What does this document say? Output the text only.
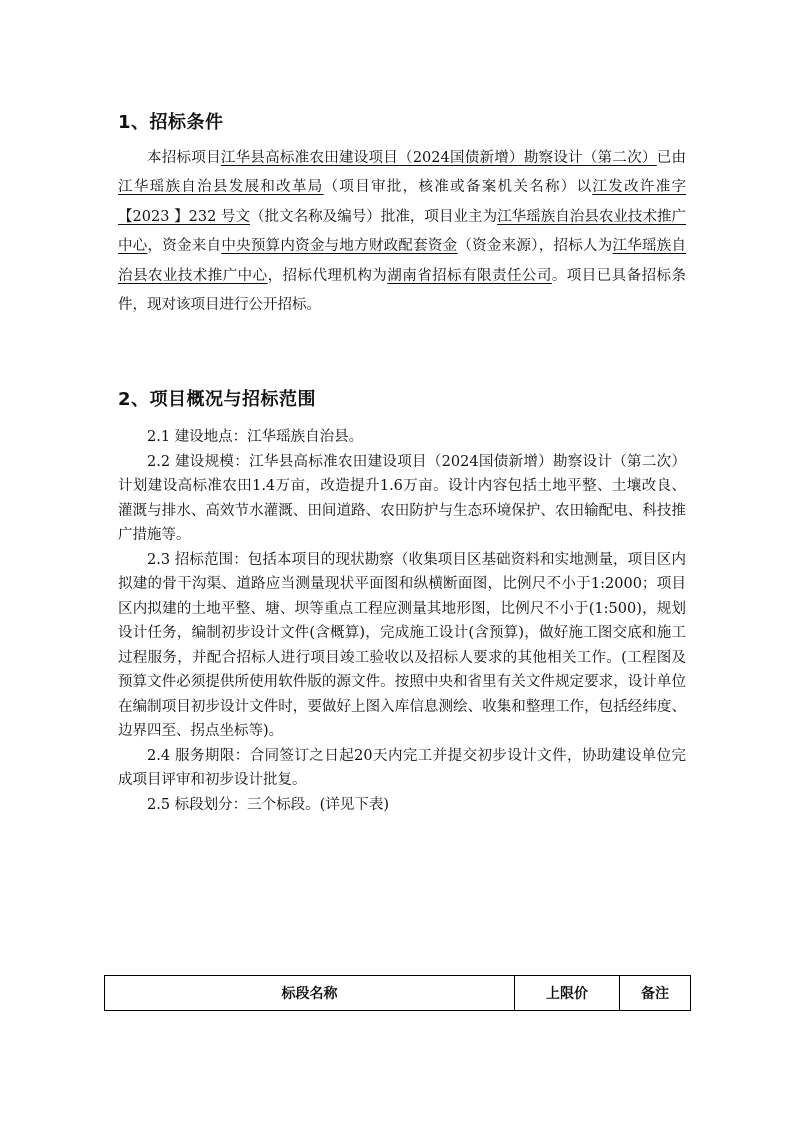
1、招标条件

本招标项目江华县高标准农田建设项目（2024国债新增）勘察设计（第二次）已由江华瑶族自治县发展和改革局（项目审批，核准或备案机关名称）以江发改许准字【2023 】232 号文（批文名称及编号）批准，项目业主为江华瑶族自治县农业技术推广中心，资金来自中央预算内资金与地方财政配套资金（资金来源），招标人为江华瑶族自治县农业技术推广中心，招标代理机构为湖南省招标有限责任公司。项目已具备招标条件，现对该项目进行公开招标。

2、项目概况与招标范围

2.1 建设地点：江华瑶族自治县。

2.2 建设规模：江华县高标准农田建设项目（2024国债新增）勘察设计（第二次）计划建设高标准农田1.4万亩，改造提升1.6万亩。设计内容包括土地平整、土壤改良、灌溉与排水、高效节水灌溉、田间道路、农田防护与生态环境保护、农田输配电、科技推广措施等。

2.3 招标范围：包括本项目的现状勘察（收集项目区基础资料和实地测量，项目区内拟建的骨干沟渠、道路应当测量现状平面图和纵横断面图，比例尺不小于1:2000；项目区内拟建的土地平整、塘、坝等重点工程应测量其地形图，比例尺不小于(1:500)，规划设计任务，编制初步设计文件(含概算)，完成施工设计(含预算)，做好施工图交底和施工过程服务，并配合招标人进行项目竣工验收以及招标人要求的其他相关工作。(工程图及预算文件必须提供所使用软件版的源文件。按照中央和省里有关文件规定要求，设计单位在编制项目初步设计文件时，要做好上图入库信息测绘、收集和整理工作，包括经纬度、边界四至、拐点坐标等)。

2.4 服务期限：合同签订之日起20天内完工并提交初步设计文件，协助建设单位完成项目评审和初步设计批复。

2.5 标段划分：三个标段。(详见下表)

标段名称	上限价	备注
